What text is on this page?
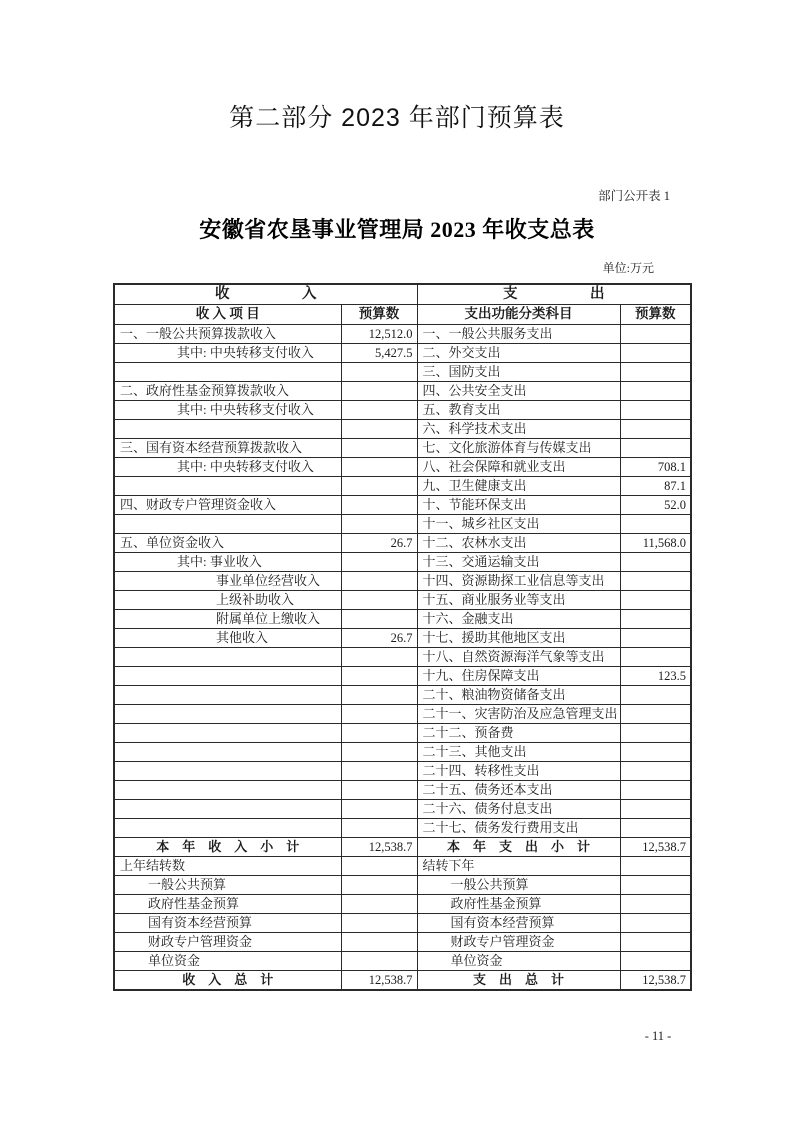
第二部分 2023 年部门预算表
部门公开表 1
安徽省农垦事业管理局 2023 年收支总表
单位:万元
收　　　　　入		支　　　　　出	
收 入 项 目	预算数	支出功能分类科目	预算数
一、一般公共预算拨款收入	12,512.0	一、一般公共服务支出	
其中: 中央转移支付收入	5,427.5	二、外交支出	
		三、国防支出	
二、政府性基金预算拨款收入		四、公共安全支出	
其中: 中央转移支付收入		五、教育支出	
		六、科学技术支出	
三、国有资本经营预算拨款收入		七、文化旅游体育与传媒支出	
其中: 中央转移支付收入		八、社会保障和就业支出	708.1
		九、卫生健康支出	87.1
四、财政专户管理资金收入		十、节能环保支出	52.0
		十一、城乡社区支出	
五、单位资金收入	26.7	十二、农林水支出	11,568.0
其中: 事业收入		十三、交通运输支出	
事业单位经营收入		十四、资源勘探工业信息等支出	
上级补助收入		十五、商业服务业等支出	
附属单位上缴收入		十六、金融支出	
其他收入	26.7	十七、援助其他地区支出	
		十八、自然资源海洋气象等支出	
		十九、住房保障支出	123.5
		二十、粮油物资储备支出	
		二十一、灾害防治及应急管理支出	
		二十二、预备费	
		二十三、其他支出	
		二十四、转移性支出	
		二十五、债务还本支出	
		二十六、债务付息支出	
		二十七、债务发行费用支出	
本　年　收　入　小　计	12,538.7	本　年　支　出　小　计	12,538.7
上年结转数		结转下年	
一般公共预算		一般公共预算	
政府性基金预算		政府性基金预算	
国有资本经营预算		国有资本经营预算	
财政专户管理资金		财政专户管理资金	
单位资金		单位资金	
收　入　总　计	12,538.7	支　出　总　计	12,538.7
- 11 -
